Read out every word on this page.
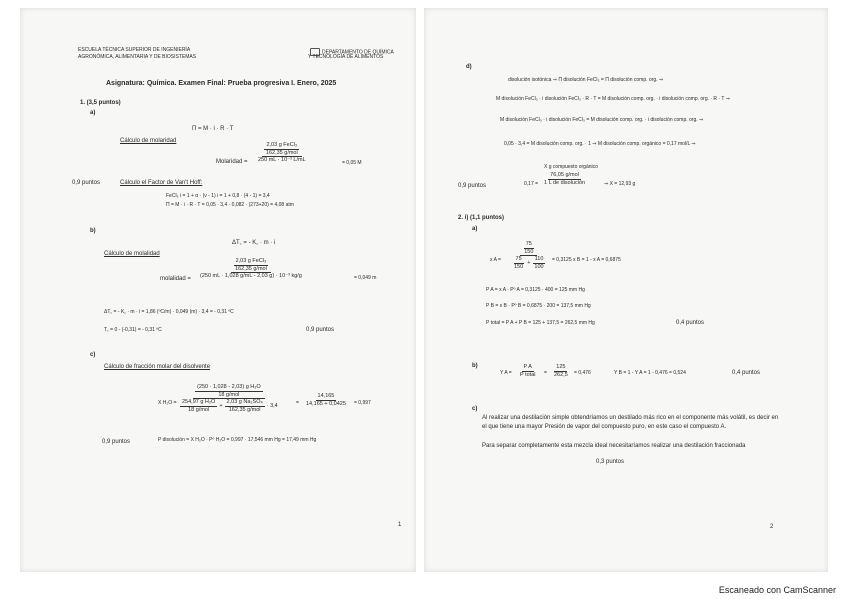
ESCUELA TÉCNICA SUPERIOR DE INGENIERÍA
AGRONÓMICA, ALIMENTARIA Y DE BIOSISTEMAS
DEPARTAMENTO DE QUÍMICA
Y TECNOLOGÍA DE ALIMENTOS
Asignatura: Química. Examen Final: Prueba progresiva I. Enero, 2025
1. (3,5 puntos)
a)
Π = M · i · R · T
Cálculo de molaridad
Molaridad =
$\frac{\text{2,03 g FeCl₃}}{\text{162,35 g/mol}}$
250 mL · 10⁻³ L/mL	= 0,05 M
0,9 puntos	Cálculo el Factor de Van't Hoff:
FeCl₃ i = 1 + α · (ν - 1) i = 1 + 0,8 · (4 - 1) = 3,4
Π = M · i · R · T = 0,05 · 3,4 · 0,082 · (273+20) = 4,08 atm
b)
ΔT꜀ = - K꜀ · m · i
Cálculo de molalidad
molalidad =
$\frac{\text{2,03 g FeCl₃}}{\text{162,35 g/mol}}$
(250 mL · 1,028 g/mL - 2,03 g) · 10⁻³ kg/g	= 0,049 m
ΔT꜀ = - K꜀ · m · i = 1,86 (ºC/m) · 0,049 (m) · 3,4 = - 0,31 ºC
T꜀ = 0 - (-0,31) = - 0,31 ºC	0,9 puntos
c)
Cálculo de fracción molar del disolvente
X H₂O =
$\frac{\text{(250 · 1,028 - 2,03) g H₂O}}{\text{18 g/mol}}$
$\frac{\text{254,97 g H₂O}}{\text{18 g/mol}} + \frac{\text{2,03 g Na₂SO₄}}{\text{162,35 g/mol}} \cdot 3,4$	= $\frac{14,165}{14,165 + 0,0425} = 0,997$
0,9 puntos	P disolución = X H₂O · Pº H₂O = 0,997 · 17,546 mm Hg = 17,49 mm Hg
1
d)
disolución isotónica ⇒ Π disolución FeCl₃ = Π disolución comp. org. ⇒
M disolución FeCl₃ · i disolución FeCl₃ · R · T = M disolución comp. org. · i disolución comp. org. · R · T ⇒
M disolución FeCl₃ · i disolución FeCl₃ = M disolución comp. org. · i disolución comp. org. ⇒
0,05 · 3,4 = M disolución comp. org. · 1 ⇒ M disolución comp. orgánico = 0,17 mol/L ⇒
X g compuesto orgánico
0,17 =
76,05 g/mol
1 L de disolución	⇒ X = 12,93 g
0,9 puntos
2. i) (1,1 puntos)
a)
x $A = \frac{\frac{75}{150}}{\frac{75}{150} + \frac{110}{100}} = 0,3125$ x B = 1 - x A = 0,6875
P A = x A · Pº A = 0,3125 · 400 = 125 mm Hg
P B = x B · Pº B = 0,6875 · 200 = 137,5 mm Hg
P total = P A + P B = 125 + 137,5 = 262,5 mm Hg	0,4 puntos
b)
Y A =
P A
P total	= $\frac{125}{262,5} = 0,476$	Y B = 1 - Y A = 1 - 0,476 = 0,524	0,4 puntos
c)
Al realizar una destilación simple obtendríamos un destilado más rico en el componente más volátil, es decir en el que tiene una mayor Presión de vapor del compuesto puro, en este caso el compuesto A.
Para separar completamente esta mezcla ideal necesitaríamos realizar una destilación fraccionada
0,3 puntos
2
Escaneado con CamScanner
